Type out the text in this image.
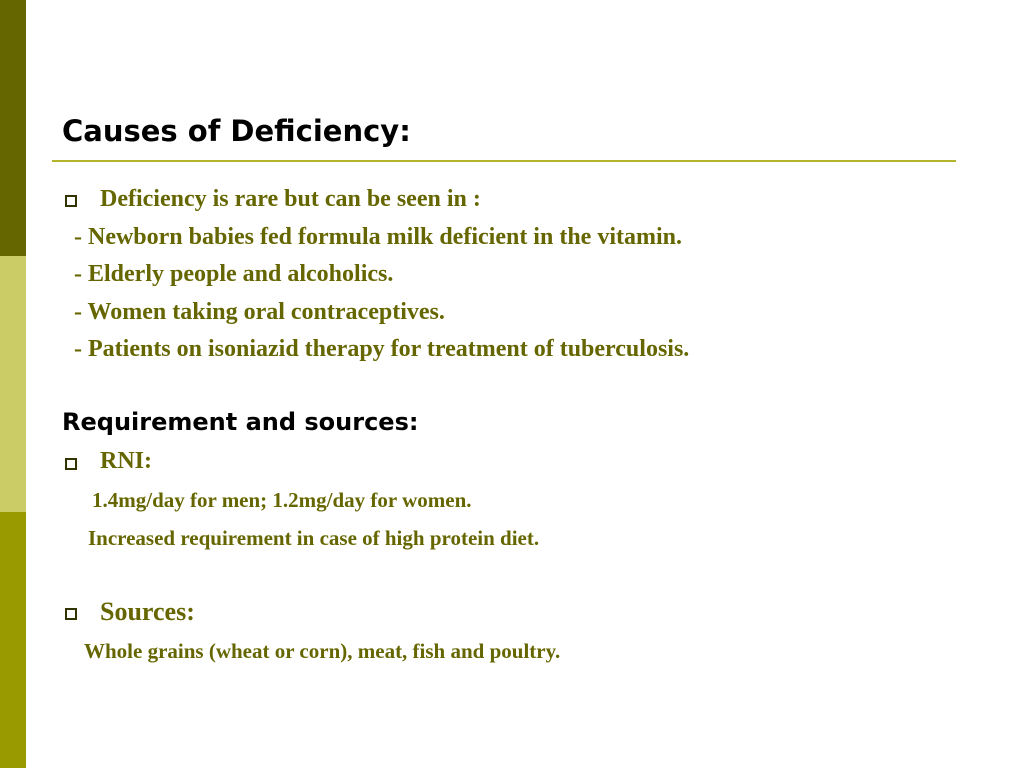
Causes of Deficiency:

Deficiency is rare but can be seen in :

- Newborn babies fed formula milk deficient in the vitamin.

- Elderly people and alcoholics.

- Women taking oral contraceptives.

- Patients on isoniazid therapy for treatment of tuberculosis.

Requirement and sources:

RNI:

1.4mg/day for men; 1.2mg/day for women.

Increased requirement in case of high protein diet.

Sources:

Whole grains (wheat or corn), meat, fish and poultry.
